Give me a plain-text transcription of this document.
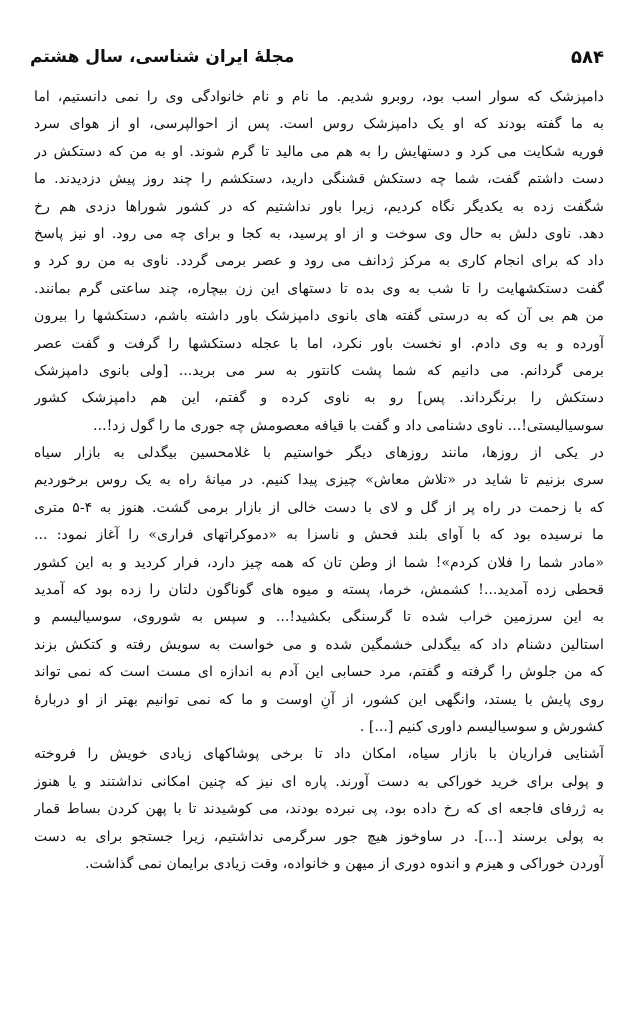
۵۸۴
مجلهٔ ایران شناسی، سال هشتم
دامپزشک که سوار اسب بود، روبرو شدیم. ما نام و نام خانوادگی وی را نمی دانستیم، اما
به ما گفته بودند که او یک دامپزشک روس است. پس از احوالپرسی، او از هوای سرد
فوریه شکایت می کرد و دستهایش را به هم می مالید تا گرم شوند. او به من که دستکش در
دست داشتم گفت، شما چه دستکش قشنگی دارید، دستکشم را چند روز پیش دزدیدند. ما
شگفت زده به یکدیگر نگاه کردیم، زیرا باور نداشتیم که در کشور شوراها دزدی هم رخ
دهد. ناوی دلش به حال وی سوخت و از او پرسید، به کجا و برای چه می رود. او نیز پاسخ
داد که برای انجام کاری به مرکز ژدانف می رود و عصر برمی گردد. ناوی به من رو کرد و
گفت دستکشهایت را تا شب به وی بده تا دستهای این زن بیچاره، چند ساعتی گرم بمانند.
من هم بی آن که به درستی گفته های بانوی دامپزشک باور داشته باشم، دستکشها را بیرون
آورده و به وی دادم. او نخست باور نکرد، اما با عجله دستکشها را گرفت و گفت عصر
برمی گردانم. می دانیم که شما پشت کانتور به سر می برید... [ولی بانوی دامپزشک
دستکش را برنگرداند. پس] رو به ناوی کرده و گفتم، این هم دامپزشک کشور
سوسیالیستی!... ناوی دشنامی داد و گفت با قیافه معصومش چه جوری ما را گول زد!...
در یکی از روزها، مانند روزهای دیگر خواستیم با غلامحسین بیگدلی به بازار سیاه
سری بزنیم تا شاید در «تلاش معاش» چیزی پیدا کنیم. در میانهٔ راه به یک روس برخوردیم
که با زحمت در راه پر از گل و لای با دست خالی از بازار برمی گشت. هنوز به ۴-۵ متری
ما نرسیده بود که با آوای بلند فحش و ناسزا به «دموکراتهای فراری» را آغاز نمود: ...
«مادر شما را فلان کردم»! شما از وطن تان که همه چیز دارد، فرار کردید و به این کشور
قحطی زده آمدید...! کشمش، خرما، پسته و میوه های گوناگون دلتان را زده بود که آمدید
به این سرزمین خراب شده تا گرسنگی بکشید!... و سپس به شوروی، سوسیالیسم و
استالین دشنام داد که بیگدلی خشمگین شده و می خواست به سویش رفته و کتکش بزند
که من جلوش را گرفته و گفتم، مرد حسابی این آدم به اندازه ای مست است که نمی تواند
روی پایش با یستد، وانگهی این کشور، از آنِ اوست و ما که نمی توانیم بهتر از او دربارهٔ
کشورش و سوسیالیسم داوری کنیم [...] .
آشنایی فراریان با بازار سیاه، امکان داد تا برخی پوشاکهای زیادی خویش را فروخته
و پولی برای خرید خوراکی به دست آورند. پاره ای نیز که چنین امکانی نداشتند و یا هنوز
به ژرفای فاجعه ای که رخ داده بود، پی نبرده بودند، می کوشیدند تا با پهن کردن بساط قمار
به پولی برسند [...]. در ساوخوز هیچ جور سرگرمی نداشتیم، زیرا جستجو برای به دست
آوردن خوراکی و هیزم و اندوه دوری از میهن و خانواده، وقت زیادی برایمان نمی گذاشت.
